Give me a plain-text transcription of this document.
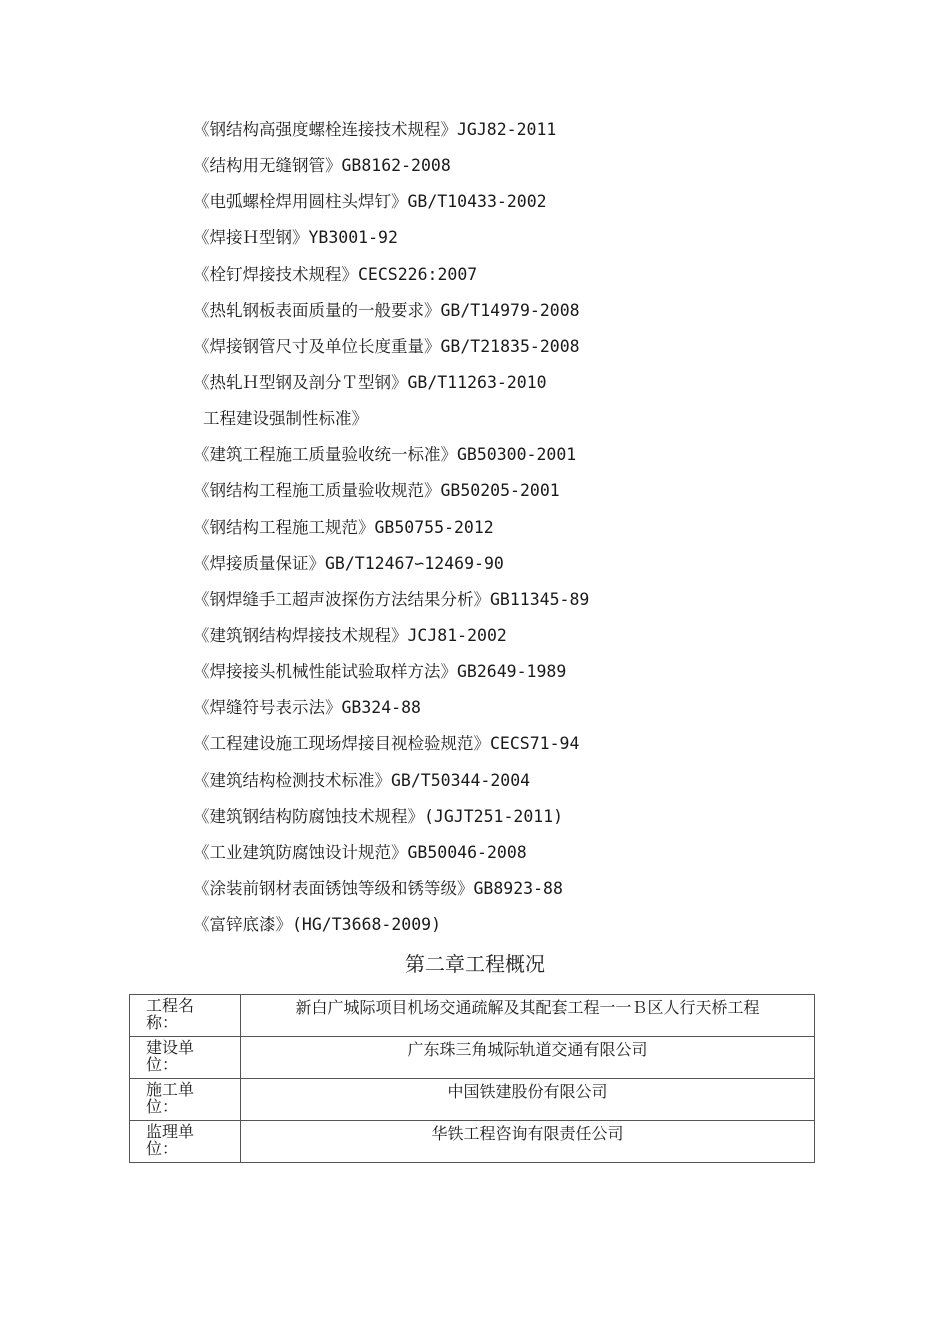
《钢结构高强度螺栓连接技术规程》JGJ82-2011
《结构用无缝钢管》GB8162-2008
《电弧螺栓焊用圆柱头焊钉》GB/T10433-2002
《焊接Ｈ型钢》YB3001-92
《栓钉焊接技术规程》CECS226:2007
《热轧钢板表面质量的一般要求》GB/T14979-2008
《焊接钢管尺寸及单位长度重量》GB/T21835-2008
《热轧Ｈ型钢及剖分Ｔ型钢》GB/T11263-2010
工程建设强制性标准》
《建筑工程施工质量验收统一标准》GB50300-2001
《钢结构工程施工质量验收规范》GB50205-2001
《钢结构工程施工规范》GB50755-2012
《焊接质量保证》GB/T12467∽12469-90
《钢焊缝手工超声波探伤方法结果分析》GB11345-89
《建筑钢结构焊接技术规程》JCJ81-2002
《焊接接头机械性能试验取样方法》GB2649-1989
《焊缝符号表示法》GB324-88
《工程建设施工现场焊接目视检验规范》CECS71-94
《建筑结构检测技术标准》GB/T50344-2004
《建筑钢结构防腐蚀技术规程》(JGJT251-2011)
《工业建筑防腐蚀设计规范》GB50046-2008
《涂装前钢材表面锈蚀等级和锈等级》GB8923-88
《富锌底漆》(HG/T3668-2009)
第二章工程概况
工程名
称：	新白广城际项目机场交通疏解及其配套工程一一Ｂ区人行天桥工程

建设单
位：	广东珠三角城际轨道交通有限公司

施工单
位：	中国铁建股份有限公司

监理单
位：	华铁工程咨询有限责任公司
